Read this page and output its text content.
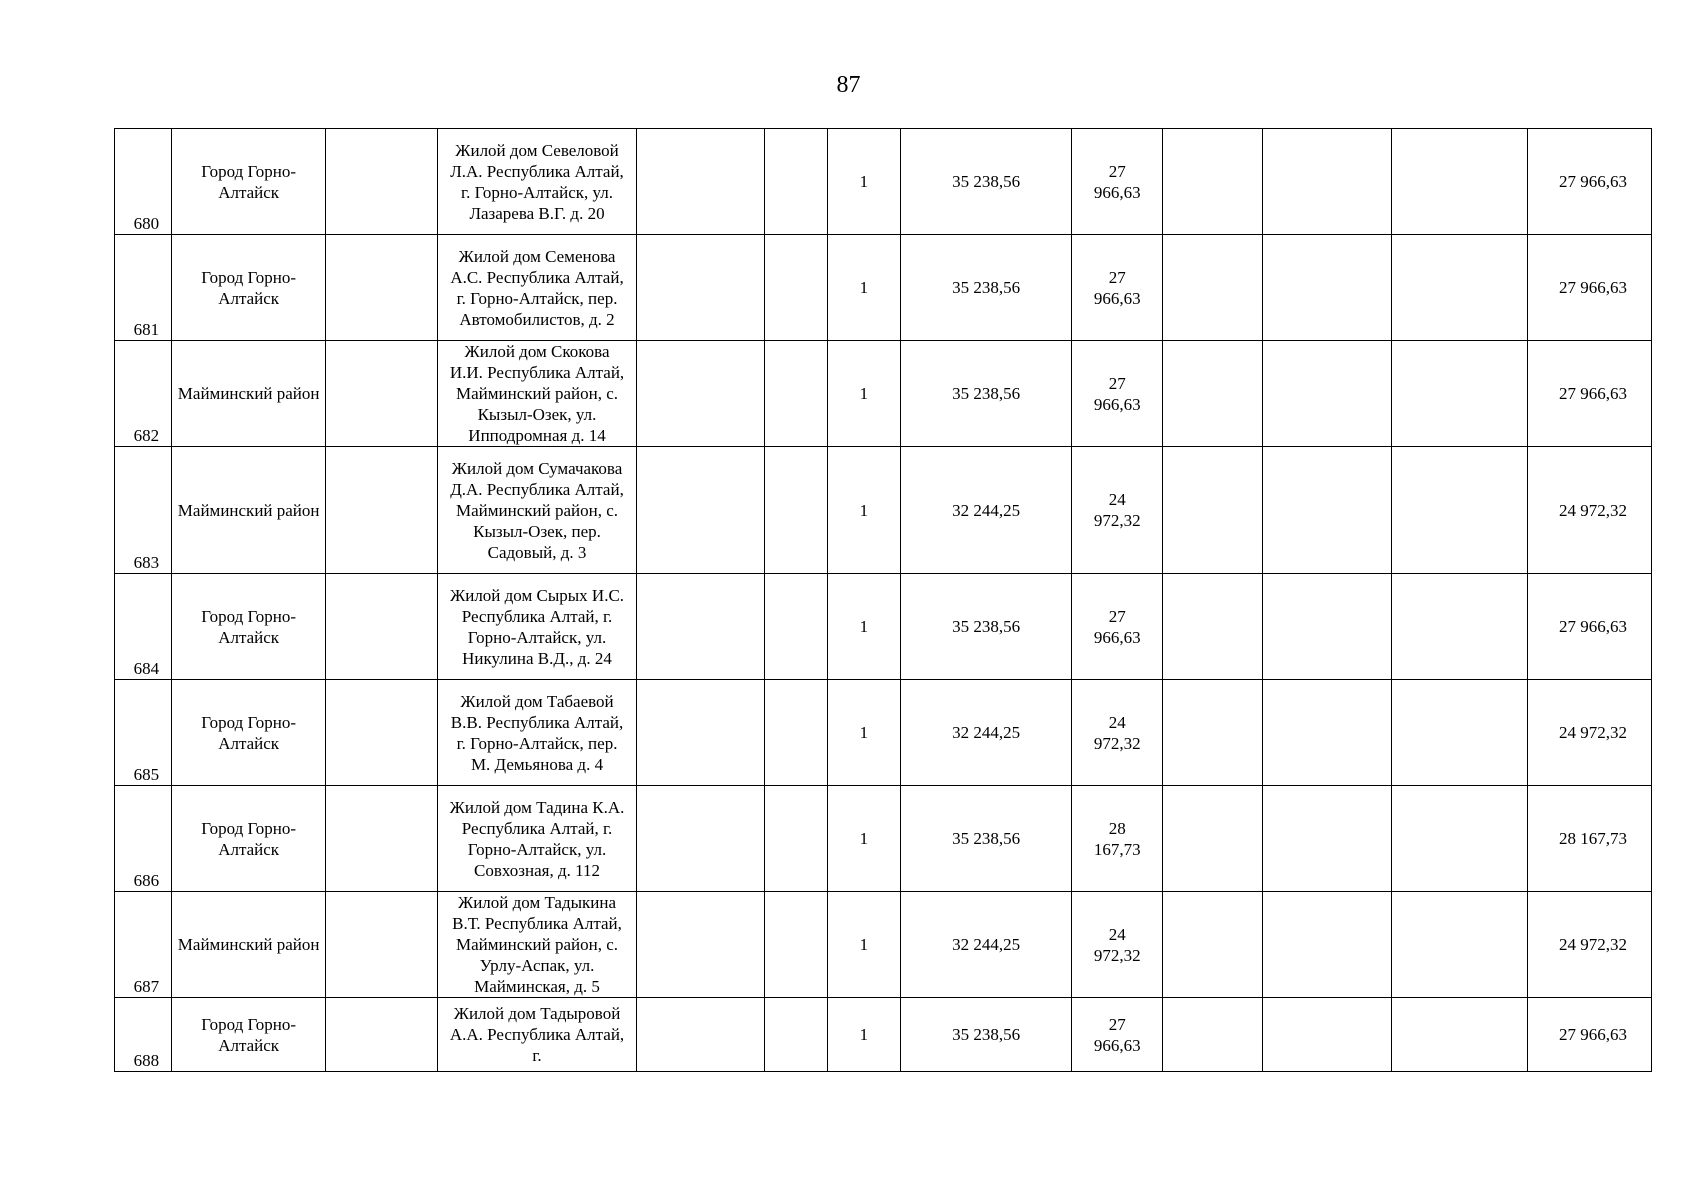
87
680	Город Горно-Алтайск		Жилой дом Севеловой Л.А. Республика Алтай, г. Горно-Алтайск, ул. Лазарева В.Г. д. 20			1	35 238,56	27 966,63				27 966,63
681	Город Горно-Алтайск		Жилой дом Семенова А.С. Республика Алтай, г. Горно-Алтайск, пер. Автомобилистов, д. 2			1	35 238,56	27 966,63				27 966,63
682	Майминский район		Жилой дом Скокова И.И. Республика Алтай, Майминский район, с. Кызыл-Озек, ул. Ипподромная д. 14			1	35 238,56	27 966,63				27 966,63
683	Майминский район		Жилой дом Сумачакова Д.А. Республика Алтай, Майминский район, с. Кызыл-Озек, пер. Садовый, д. 3			1	32 244,25	24 972,32				24 972,32
684	Город Горно-Алтайск		Жилой дом Сырых И.С. Республика Алтай, г. Горно-Алтайск, ул. Никулина В.Д., д. 24			1	35 238,56	27 966,63				27 966,63
685	Город Горно-Алтайск		Жилой дом Табаевой В.В. Республика Алтай, г. Горно-Алтайск, пер. М. Демьянова д. 4			1	32 244,25	24 972,32				24 972,32
686	Город Горно-Алтайск		Жилой дом Тадина К.А. Республика Алтай, г. Горно-Алтайск, ул. Совхозная, д. 112			1	35 238,56	28 167,73				28 167,73
687	Майминский район		Жилой дом Тадыкина В.Т. Республика Алтай, Майминский район, с. Урлу-Аспак, ул. Майминская, д. 5			1	32 244,25	24 972,32				24 972,32
688	Город Горно-Алтайск		Жилой дом Тадыровой А.А. Республика Алтай, г.			1	35 238,56	27 966,63				27 966,63
